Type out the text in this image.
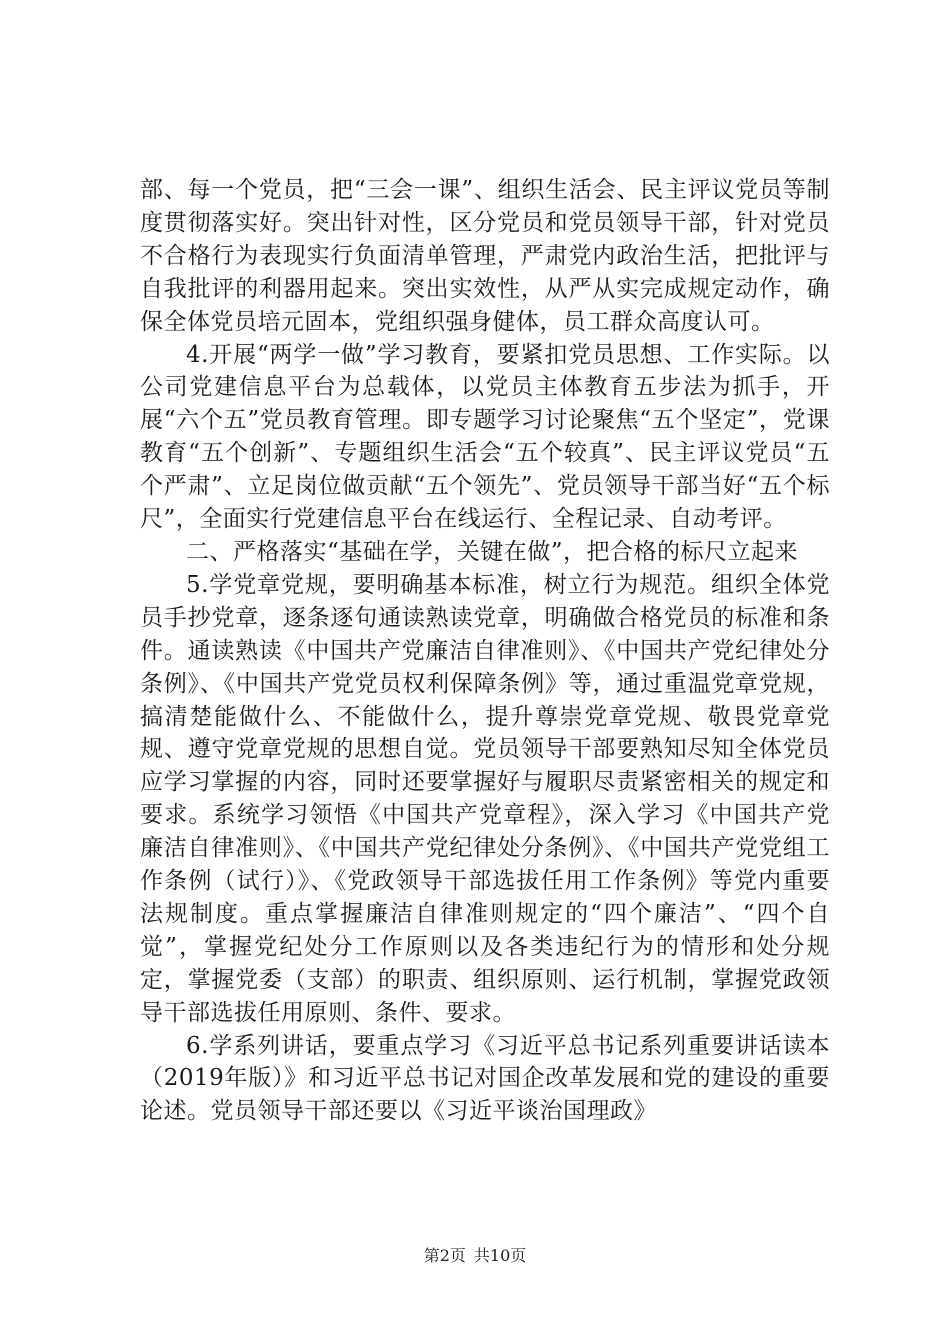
部、每一个党员，把“三会一课”、组织生活会、民主评议党员等制度贯彻落实好。突出针对性，区分党员和党员领导干部，针对党员不合格行为表现实行负面清单管理，严肃党内政治生活，把批评与自我批评的利器用起来。突出实效性，从严从实完成规定动作，确保全体党员培元固本，党组织强身健体，员工群众高度认可。

4.开展“两学一做”学习教育，要紧扣党员思想、工作实际。以公司党建信息平台为总载体，以党员主体教育五步法为抓手，开展“六个五”党员教育管理。即专题学习讨论聚焦“五个坚定”，党课教育“五个创新”、专题组织生活会“五个较真”、民主评议党员“五个严肃”、立足岗位做贡献“五个领先”、党员领导干部当好“五个标尺”，全面实行党建信息平台在线运行、全程记录、自动考评。

二、严格落实“基础在学，关键在做”，把合格的标尺立起来

5.学党章党规，要明确基本标准，树立行为规范。组织全体党员手抄党章，逐条逐句通读熟读党章，明确做合格党员的标准和条件。通读熟读《中国共产党廉洁自律准则》、《中国共产党纪律处分条例》、《中国共产党党员权利保障条例》等，通过重温党章党规，搞清楚能做什么、不能做什么，提升尊崇党章党规、敬畏党章党规、遵守党章党规的思想自觉。党员领导干部要熟知尽知全体党员应学习掌握的内容，同时还要掌握好与履职尽责紧密相关的规定和要求。系统学习领悟《中国共产党章程》，深入学习《中国共产党廉洁自律准则》、《中国共产党纪律处分条例》、《中国共产党党组工作条例（试行）》、《党政领导干部选拔任用工作条例》等党内重要法规制度。重点掌握廉洁自律准则规定的“四个廉洁”、“四个自觉”，掌握党纪处分工作原则以及各类违纪行为的情形和处分规定，掌握党委（支部）的职责、组织原则、运行机制，掌握党政领导干部选拔任用原则、条件、要求。

6.学系列讲话，要重点学习《习近平总书记系列重要讲话读本（2019年版）》和习近平总书记对国企改革发展和党的建设的重要论述。党员领导干部还要以《习近平谈治国理政》

第2页 共10页
